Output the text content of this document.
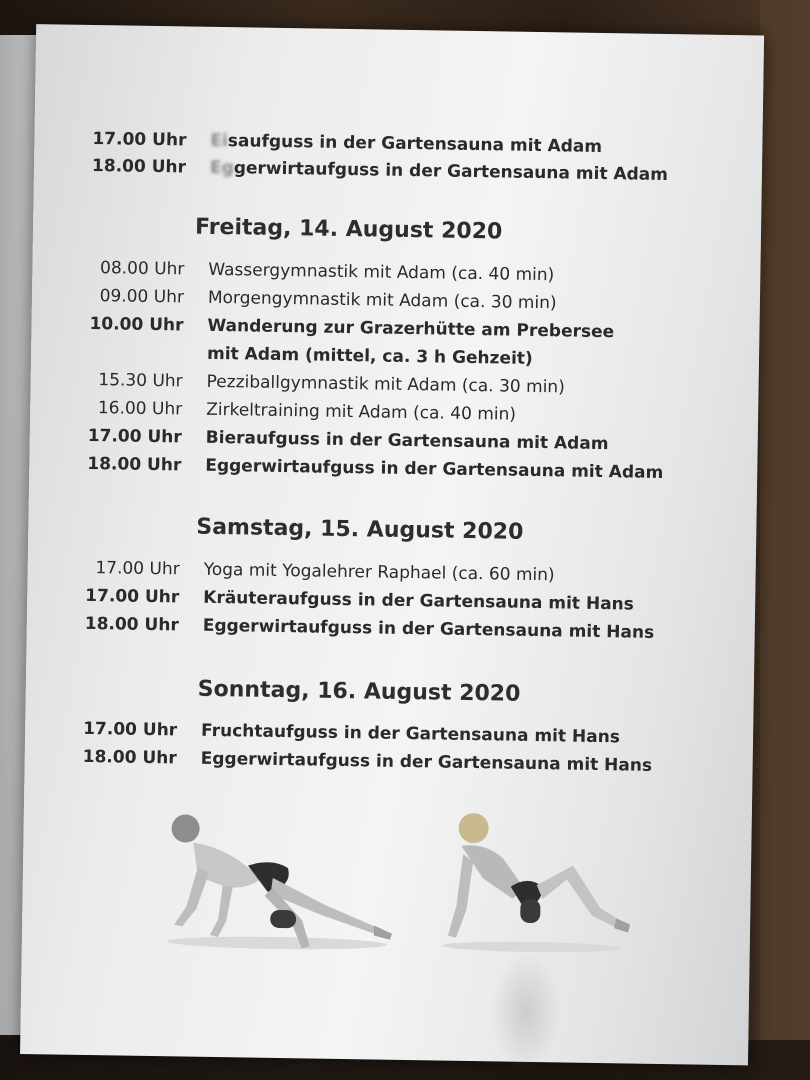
17.00 Uhr Eisaufguss in der Gartensauna mit Adam
18.00 Uhr Eggerwirtaufguss in der Gartensauna mit Adam
Freitag, 14. August 2020
08.00 Uhr Wassergymnastik mit Adam (ca. 40 min)
09.00 Uhr Morgengymnastik mit Adam (ca. 30 min)
10.00 Uhr Wanderung zur Grazerhütte am Prebersee
mit Adam (mittel, ca. 3 h Gehzeit)
15.30 Uhr Pezziballgymnastik mit Adam (ca. 30 min)
16.00 Uhr Zirkeltraining mit Adam (ca. 40 min)
17.00 Uhr Bieraufguss in der Gartensauna mit Adam
18.00 Uhr Eggerwirtaufguss in der Gartensauna mit Adam
Samstag, 15. August 2020
17.00 Uhr Yoga mit Yogalehrer Raphael (ca. 60 min)
17.00 Uhr Kräuteraufguss in der Gartensauna mit Hans
18.00 Uhr Eggerwirtaufguss in der Gartensauna mit Hans
Sonntag, 16. August 2020
17.00 Uhr Fruchtaufguss in der Gartensauna mit Hans
18.00 Uhr Eggerwirtaufguss in der Gartensauna mit Hans
